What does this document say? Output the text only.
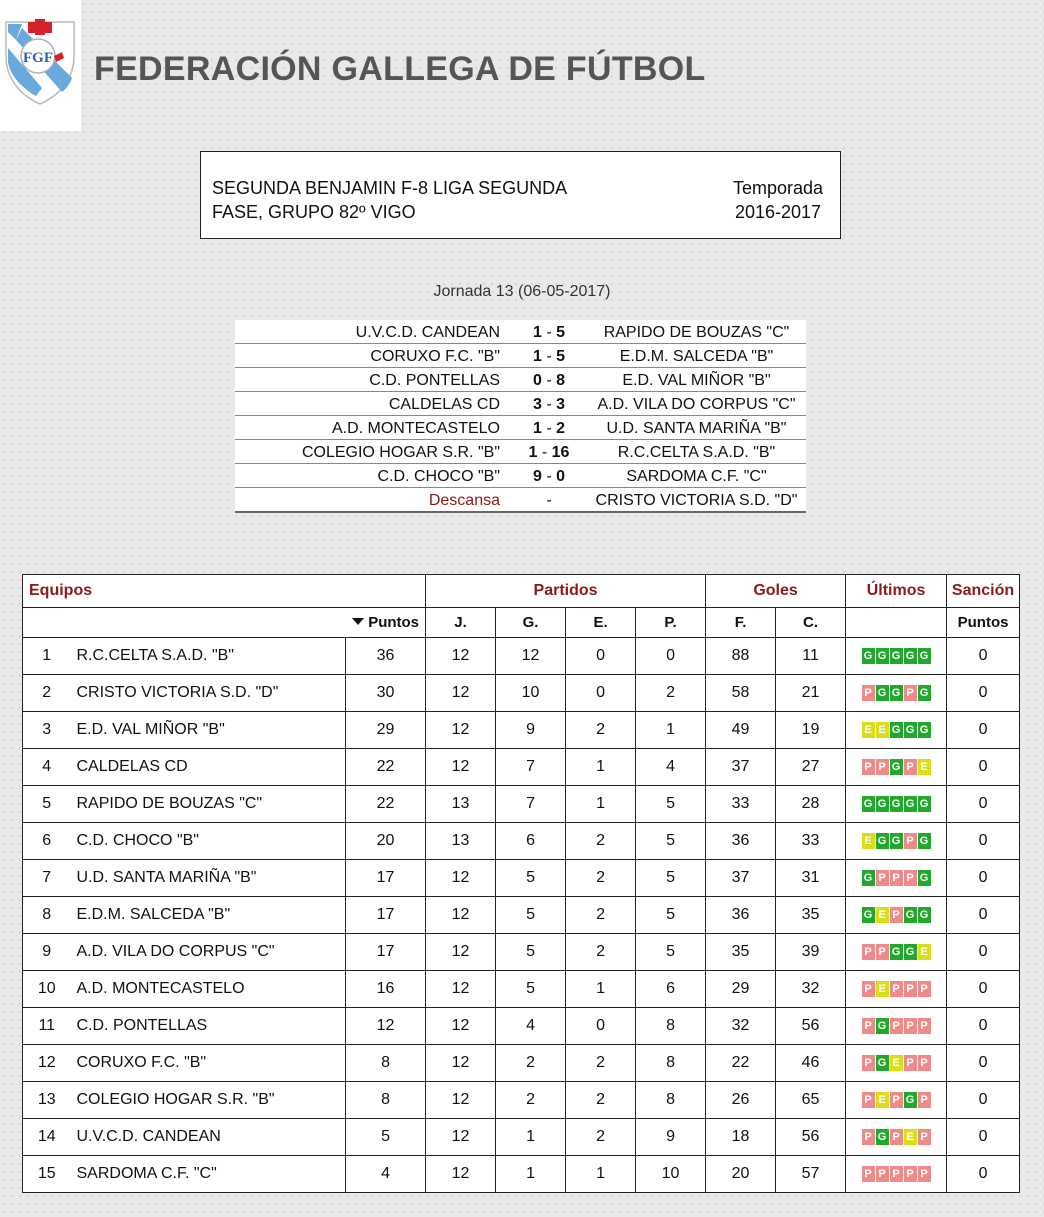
FGF FEDERACIÓN GALLEGA DE FÚTBOL
SEGUNDA BENJAMIN F-8 LIGA SEGUNDA
FASE, GRUPO 82º VIGO
Temporada
2016-2017
Jornada 13 (06-05-2017)
U.V.C.D. CANDEAN	1 - 5	RAPIDO DE BOUZAS "C"
CORUXO F.C. "B"	1 - 5	E.D.M. SALCEDA "B"
C.D. PONTELLAS	0 - 8	E.D. VAL MIÑOR "B"
CALDELAS CD	3 - 3	A.D. VILA DO CORPUS "C"
A.D. MONTECASTELO	1 - 2	U.D. SANTA MARIÑA "B"
COLEGIO HOGAR S.R. "B"	1 - 16	R.C.CELTA S.A.D. "B"
C.D. CHOCO "B"	9 - 0	SARDOMA C.F. "C"
Descansa	-	CRISTO VICTORIA S.D. "D"
Equipos			Partidos				Goles		Últimos	Sanción
		Puntos	J.	G.	E.	P.	F.	C.		Puntos
1	R.C.CELTA S.A.D. "B"	36	12	12	0	0	88	11	G G G G G	0
2	CRISTO VICTORIA S.D. "D"	30	12	10	0	2	58	21	P G G P G	0
3	E.D. VAL MIÑOR "B"	29	12	9	2	1	49	19	E E G G G	0
4	CALDELAS CD	22	12	7	1	4	37	27	P P G P E	0
5	RAPIDO DE BOUZAS "C"	22	13	7	1	5	33	28	G G G G G	0
6	C.D. CHOCO "B"	20	13	6	2	5	36	33	E G G P G	0
7	U.D. SANTA MARIÑA "B"	17	12	5	2	5	37	31	G P P P G	0
8	E.D.M. SALCEDA "B"	17	12	5	2	5	36	35	G E P G G	0
9	A.D. VILA DO CORPUS "C"	17	12	5	2	5	35	39	P P G G E	0
10	A.D. MONTECASTELO	16	12	5	1	6	29	32	P E P P P	0
11	C.D. PONTELLAS	12	12	4	0	8	32	56	P G P P P	0
12	CORUXO F.C. "B"	8	12	2	2	8	22	46	P G E P P	0
13	COLEGIO HOGAR S.R. "B"	8	12	2	2	8	26	65	P E P G P	0
14	U.V.C.D. CANDEAN	5	12	1	2	9	18	56	P G P E P	0
15	SARDOMA C.F. "C"	4	12	1	1	10	20	57	P P P P P	0
